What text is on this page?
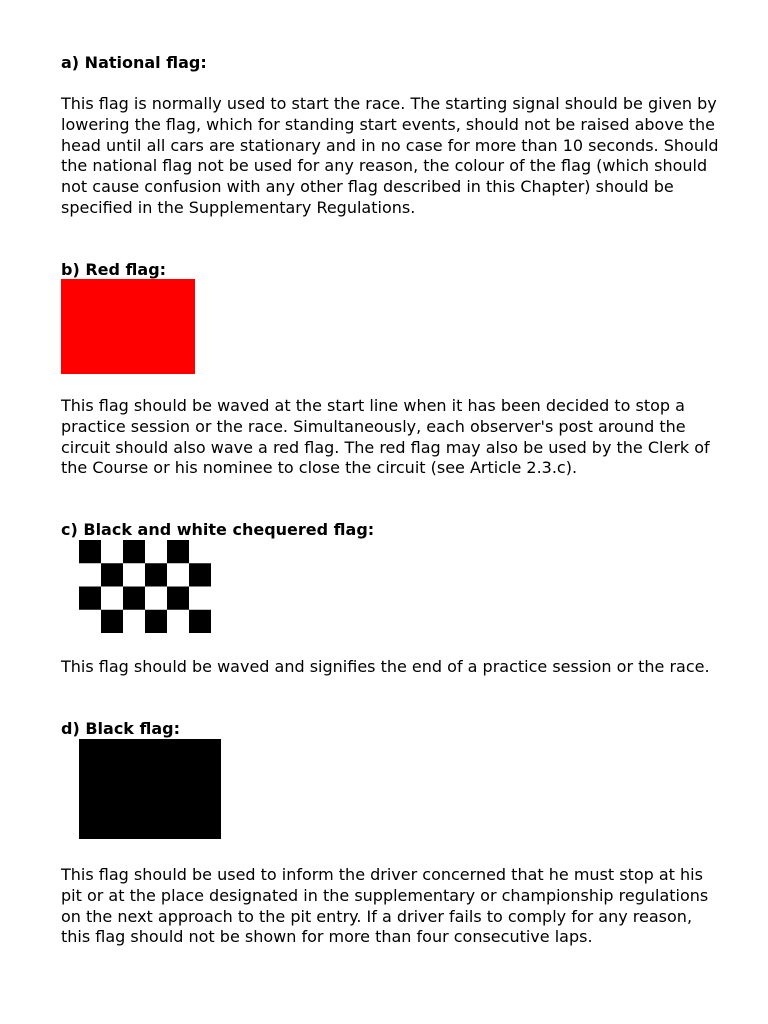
a) National flag:

This flag is normally used to start the race. The starting signal should be given by lowering the flag, which for standing start events, should not be raised above the head until all cars are stationary and in no case for more than 10 seconds. Should the national flag not be used for any reason, the colour of the flag (which should not cause confusion with any other flag described in this Chapter) should be specified in the Supplementary Regulations.

b) Red flag:

This flag should be waved at the start line when it has been decided to stop a practice session or the race. Simultaneously, each observer's post around the circuit should also wave a red flag. The red flag may also be used by the Clerk of the Course or his nominee to close the circuit (see Article 2.3.c).

c) Black and white chequered flag:

This flag should be waved and signifies the end of a practice session or the race.

d) Black flag:

This flag should be used to inform the driver concerned that he must stop at his pit or at the place designated in the supplementary or championship regulations on the next approach to the pit entry. If a driver fails to comply for any reason, this flag should not be shown for more than four consecutive laps.
